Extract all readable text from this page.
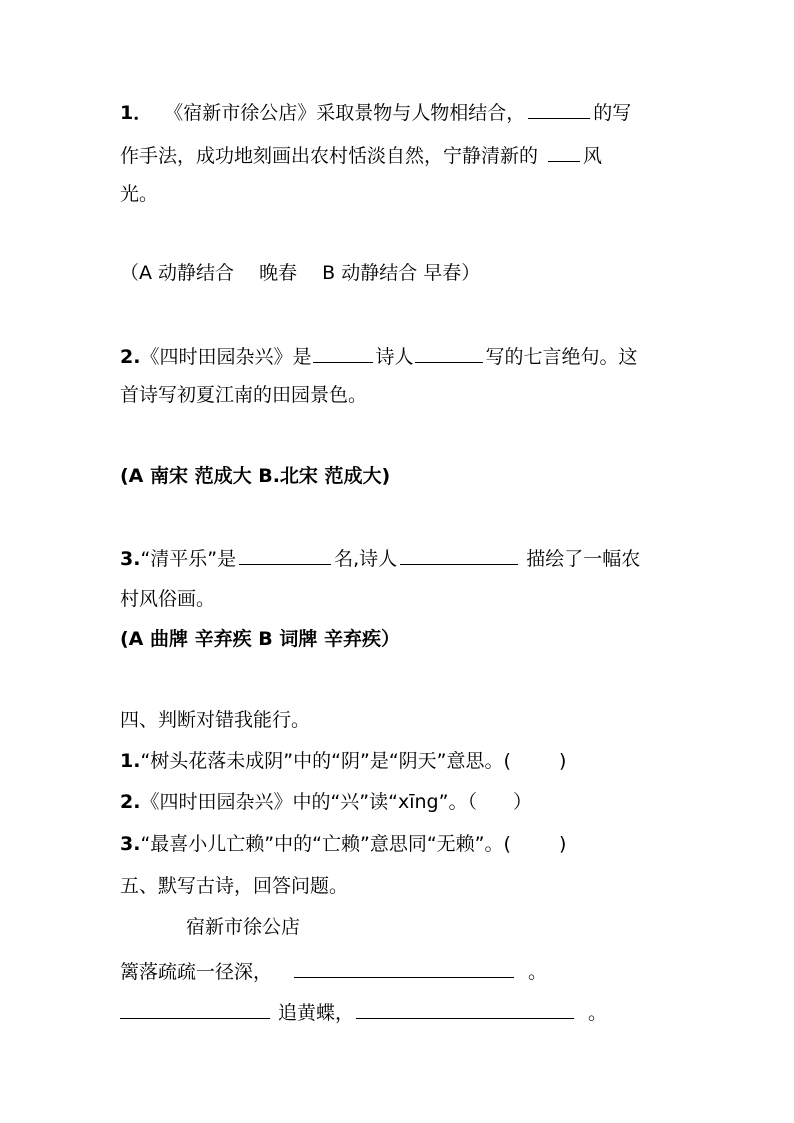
1． 《宿新市徐公店》采取景物与人物相结合，	的写
作手法，成功地刻画出农村恬淡自然，宁静清新的 风
光。
（A 动静结合　 晚春　 B 动静结合 早春）
2.《四时田园杂兴》是	诗人	写的七言绝句。这
首诗写初夏江南的田园景色。
(A 南宋 范成大 B.北宋 范成大)
3.“清平乐”是	名,诗人	描绘了一幅农
村风俗画。
(A 曲牌 辛弃疾 B 词牌 辛弃疾）
四、判断对错我能行。
1.“树头花落未成阴”中的“阴”是“阴天”意思。(	)
2.《四时田园杂兴》中的“兴”读“xīng”。（ ）
3.“最喜小儿亡赖”中的“亡赖”意思同“无赖”。(	)
五、默写古诗，回答问题。
宿新市徐公店
篱落疏疏一径深，	。
追黄蝶，	。
